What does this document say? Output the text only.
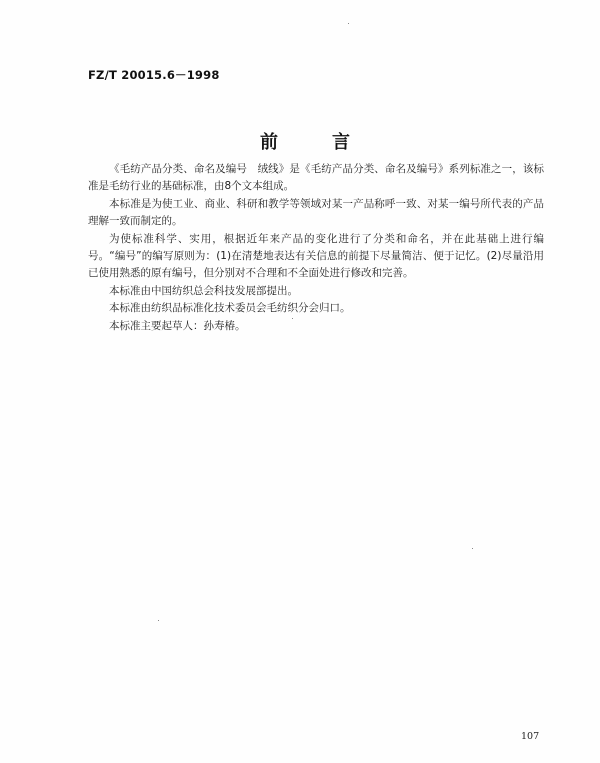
FZ/T 20015.6－1998
前	言

《毛纺产品分类、命名及编号　绒线》是《毛纺产品分类、命名及编号》系列标准之一，该标准是毛纺行业的基础标准，由8个文本组成。

本标准是为使工业、商业、科研和教学等领域对某一产品称呼一致、对某一编号所代表的产品理解一致而制定的。

为使标准科学、实用，根据近年来产品的变化进行了分类和命名，并在此基础上进行编号。“编号”的编写原则为：(1)在清楚地表达有关信息的前提下尽量简洁、便于记忆。(2)尽量沿用已使用熟悉的原有编号，但分别对不合理和不全面处进行修改和完善。

本标准由中国纺织总会科技发展部提出。

本标准由纺织品标准化技术委员会毛纺织分会归口。

本标准主要起草人：孙寿椿。

107
